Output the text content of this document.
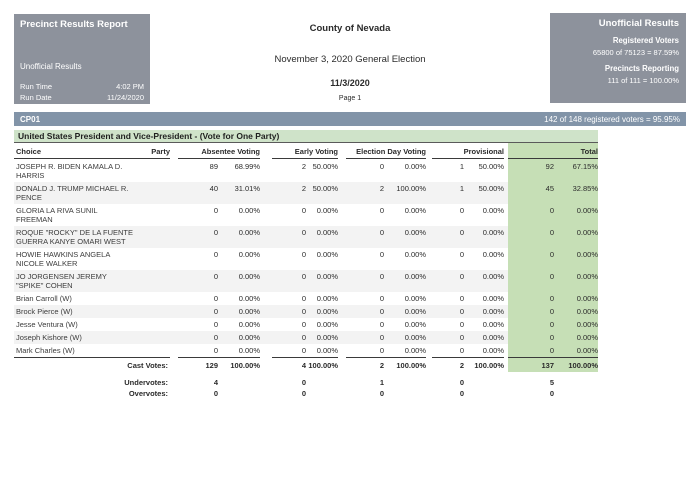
Precinct Results Report
Unofficial Results
Run Time	4:02 PM
Run Date	11/24/2020
County of Nevada
November 3, 2020 General Election
11/3/2020
Page 1
Unofficial Results
Registered Voters
65800 of 75123 = 87.59%
Precincts Reporting
111 of 111 = 100.00%
CP01	142 of 148 registered voters = 95.95%
United States President and Vice-President - (Vote for One Party)
Choice	Party	Absentee Voting	Early Voting	Election Day Voting	Provisional	Total
JOSEPH R. BIDEN KAMALA D. HARRIS
89	68.99%	2 50.00%	0	0.00%	1	50.00%	92	67.15%
DONALD J. TRUMP MICHAEL R. PENCE
40	31.01%	2 50.00%	2	100.00%	1	50.00%	45	32.85%
GLORIA LA RIVA SUNIL FREEMAN
0	0.00%	0	0.00%	0	0.00%	0	0.00%	0	0.00%
ROQUE "ROCKY" DE LA FUENTE GUERRA KANYE OMARI WEST
0	0.00%	0	0.00%	0	0.00%	0	0.00%	0	0.00%
HOWIE HAWKINS ANGELA NICOLE WALKER
0	0.00%	0	0.00%	0	0.00%	0	0.00%	0	0.00%
JO JORGENSEN JEREMY "SPIKE" COHEN
0	0.00%	0	0.00%	0	0.00%	0	0.00%	0	0.00%
Brian Carroll (W)	0	0.00%	0	0.00%	0	0.00%	0	0.00%	0	0.00%
Brock Pierce (W)	0	0.00%	0	0.00%	0	0.00%	0	0.00%	0	0.00%
Jesse Ventura (W)	0	0.00%	0	0.00%	0	0.00%	0	0.00%	0	0.00%
Joseph Kishore (W)	0	0.00%	0	0.00%	0	0.00%	0	0.00%	0	0.00%
Mark Charles (W)	0	0.00%	0	0.00%	0	0.00%	0	0.00%	0	0.00%
Cast Votes:	129	100.00%	4 100.00%	2	100.00%	2	100.00%	137	100.00%
Undervotes:	4	0	1	0	5
Overvotes:	0	0	0	0	0
